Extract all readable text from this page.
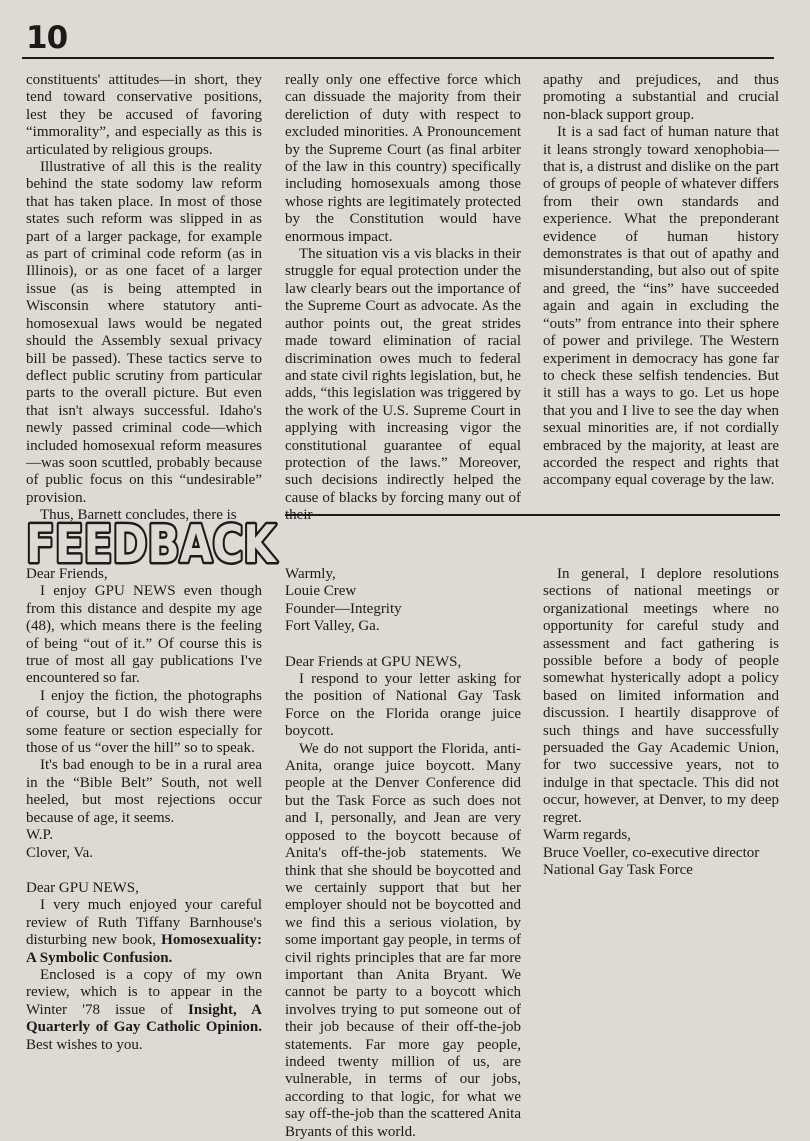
10

constituents' attitudes—in short, they tend toward conservative positions, lest they be accused of favoring “immorality”, and especially as this is articulated by religious groups.

Illustrative of all this is the reality behind the state sodomy law reform that has taken place. In most of those states such reform was slipped in as part of a larger package, for example as part of criminal code reform (as in Illinois), or as one facet of a larger issue (as is being attempted in Wisconsin where statutory anti-homosexual laws would be negated should the Assembly sexual privacy bill be passed). These tactics serve to deflect public scrutiny from particular parts to the overall picture. But even that isn't always successful. Idaho's newly passed criminal code—which included homosexual reform measures—was soon scuttled, probably because of public focus on this “undesirable” provision.

Thus, Barnett concludes, there is

really only one effective force which can dissuade the majority from their dereliction of duty with respect to excluded minorities. A Pronouncement by the Supreme Court (as final arbiter of the law in this country) specifically including homosexuals among those whose rights are legitimately protected by the Constitution would have enormous impact.

The situation vis a vis blacks in their struggle for equal protection under the law clearly bears out the importance of the Supreme Court as advocate. As the author points out, the great strides made toward elimination of racial discrimination owes much to federal and state civil rights legislation, but, he adds, “this legislation was triggered by the work of the U.S. Supreme Court in applying with increasing vigor the constitutional guarantee of equal protection of the laws.” Moreover, such decisions indirectly helped the cause of blacks by forcing many out of their

apathy and prejudices, and thus promoting a substantial and crucial non-black support group.

It is a sad fact of human nature that it leans strongly toward xenophobia—that is, a distrust and dislike on the part of groups of people of whatever differs from their own standards and experience. What the preponderant evidence of human history demonstrates is that out of apathy and misunderstanding, but also out of spite and greed, the “ins” have succeeded again and again in excluding the “outs” from entrance into their sphere of power and privilege. The Western experiment in democracy has gone far to check these selfish tendencies. But it still has a ways to go. Let us hope that you and I live to see the day when sexual minorities are, if not cordially embraced by the majority, at least are accorded the respect and rights that accompany equal coverage by the law.

FEEDBACK
FEEDBACK

Dear Friends,

I enjoy GPU NEWS even though from this distance and despite my age (48), which means there is the feeling of being “out of it.” Of course this is true of most all gay publications I've encountered so far.

I enjoy the fiction, the photographs of course, but I do wish there were some feature or section especially for those of us “over the hill” so to speak.

It's bad enough to be in a rural area in the “Bible Belt” South, not well heeled, but most rejections occur because of age, it seems.

W.P.

Clover, Va.

Dear GPU NEWS,

I very much enjoyed your careful review of Ruth Tiffany Barnhouse's disturbing new book, Homosexuality: A Symbolic Confusion.

Enclosed is a copy of my own review, which is to appear in the Winter '78 issue of Insight, A Quarterly of Gay Catholic Opinion. Best wishes to you.

Warmly,

Louie Crew

Founder—Integrity

Fort Valley, Ga.

Dear Friends at GPU NEWS,

I respond to your letter asking for the position of National Gay Task Force on the Florida orange juice boycott.

We do not support the Florida, anti-Anita, orange juice boycott. Many people at the Denver Conference did but the Task Force as such does not and I, personally, and Jean are very opposed to the boycott because of Anita's off-the-job statements. We think that she should be boycotted and we certainly support that but her employer should not be boycotted and we find this a serious violation, by some important gay people, in terms of civil rights principles that are far more important than Anita Bryant. We cannot be party to a boycott which involves trying to put someone out of their job because of their off-the-job statements. Far more gay people, indeed twenty million of us, are vulnerable, in terms of our jobs, according to that logic, for what we say off-the-job than the scattered Anita Bryants of this world.

In general, I deplore resolutions sections of national meetings or organizational meetings where no opportunity for careful study and assessment and fact gathering is possible before a body of people somewhat hysterically adopt a policy based on limited information and discussion. I heartily disapprove of such things and have successfully persuaded the Gay Academic Union, for two successive years, not to indulge in that spectacle. This did not occur, however, at Denver, to my deep regret.

Warm regards,

Bruce Voeller, co-executive director

National Gay Task Force
